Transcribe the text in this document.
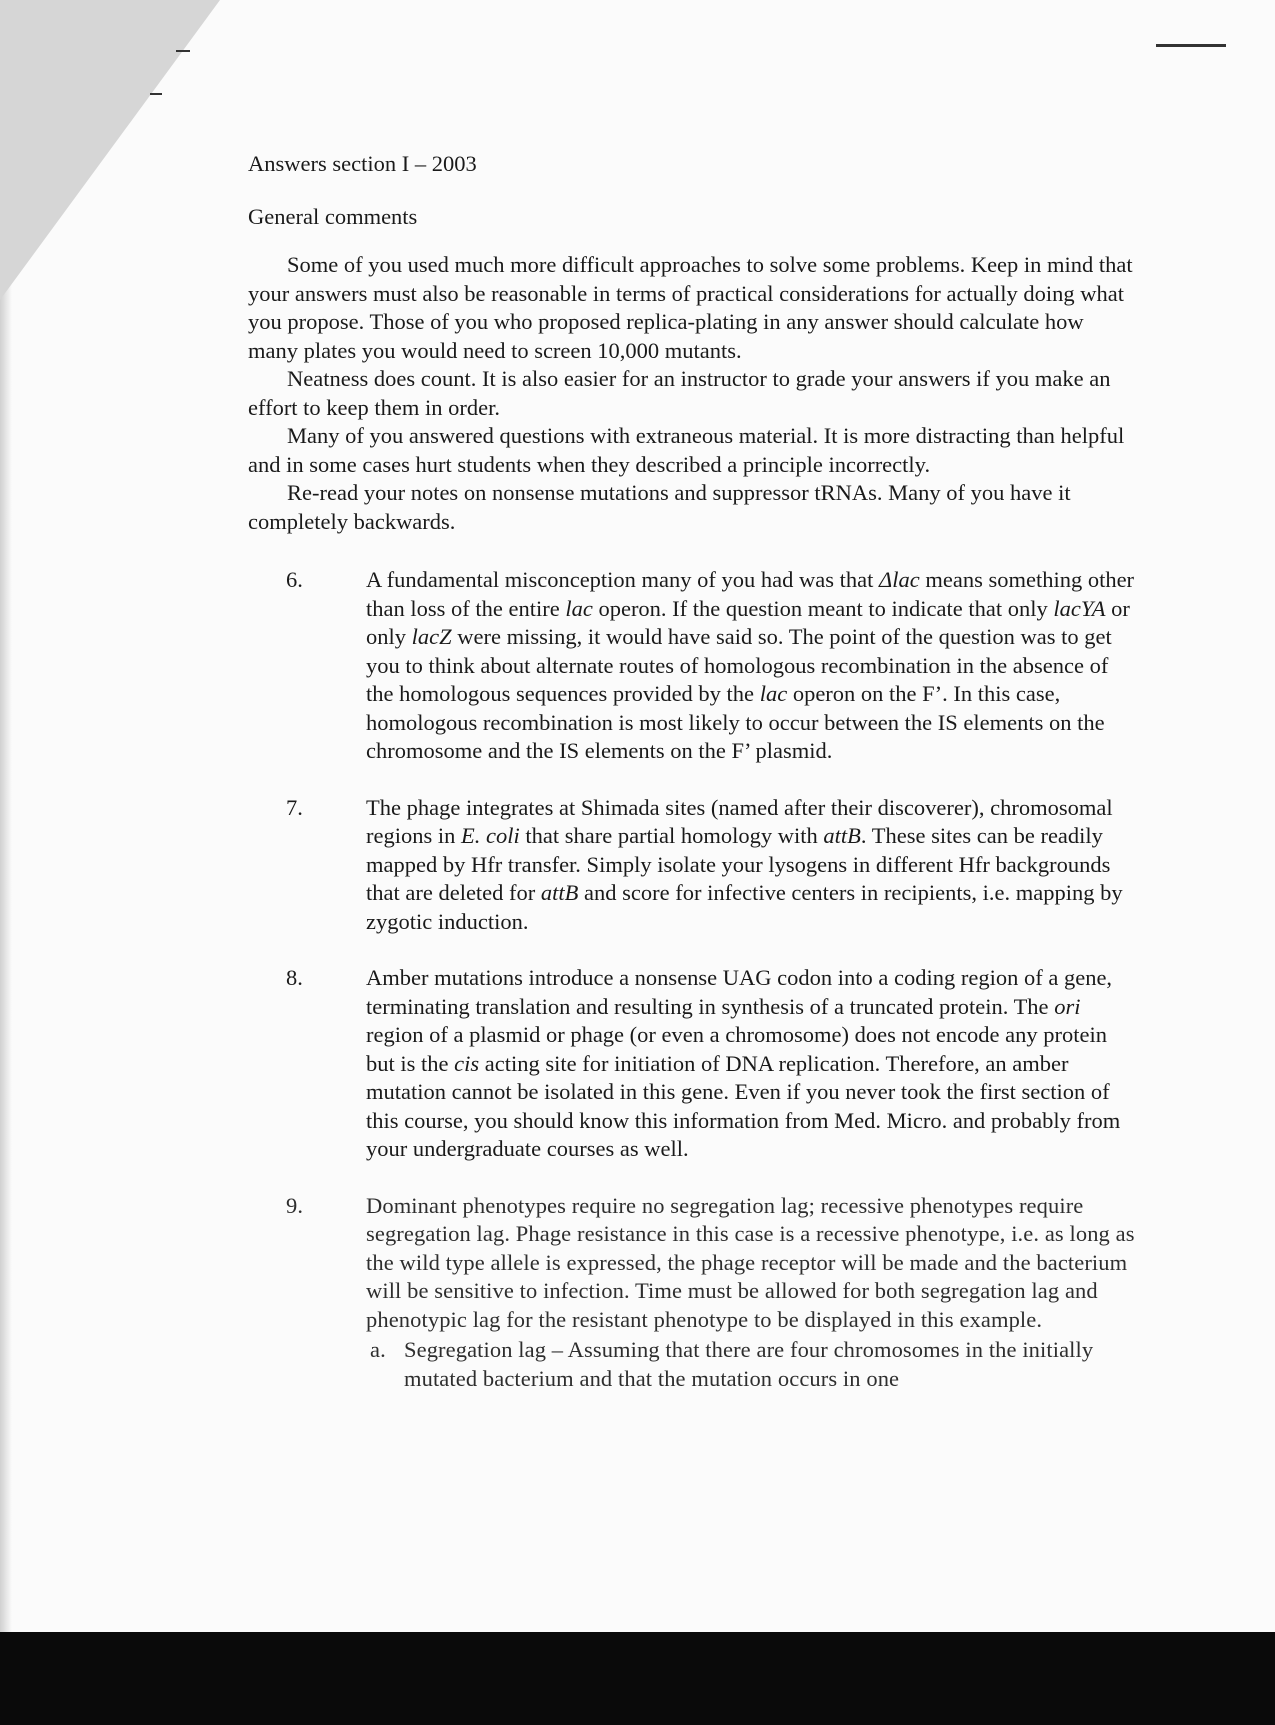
Answers section I – 2003
General comments

Some of you used much more difficult approaches to solve some problems. Keep in mind that your answers must also be reasonable in terms of practical considerations for actually doing what you propose. Those of you who proposed replica-plating in any answer should calculate how many plates you would need to screen 10,000 mutants.

Neatness does count. It is also easier for an instructor to grade your answers if you make an effort to keep them in order.

Many of you answered questions with extraneous material. It is more distracting than helpful and in some cases hurt students when they described a principle incorrectly.

Re-read your notes on nonsense mutations and suppressor tRNAs. Many of you have it completely backwards.

6.	A fundamental misconception many of you had was that Δlac means something other than loss of the entire lac operon. If the question meant to indicate that only lacYA or only lacZ were missing, it would have said so. The point of the question was to get you to think about alternate routes of homologous recombination in the absence of the homologous sequences provided by the lac operon on the F’. In this case, homologous recombination is most likely to occur between the IS elements on the chromosome and the IS elements on the F’ plasmid.
7.	The phage integrates at Shimada sites (named after their discoverer), chromosomal regions in E. coli that share partial homology with attB. These sites can be readily mapped by Hfr transfer. Simply isolate your lysogens in different Hfr backgrounds that are deleted for attB and score for infective centers in recipients, i.e. mapping by zygotic induction.
8.	Amber mutations introduce a nonsense UAG codon into a coding region of a gene, terminating translation and resulting in synthesis of a truncated protein. The ori region of a plasmid or phage (or even a chromosome) does not encode any protein but is the cis acting site for initiation of DNA replication. Therefore, an amber mutation cannot be isolated in this gene. Even if you never took the first section of this course, you should know this information from Med. Micro. and probably from your undergraduate courses as well.
9.	Dominant phenotypes require no segregation lag; recessive phenotypes require segregation lag. Phage resistance in this case is a recessive phenotype, i.e. as long as the wild type allele is expressed, the phage receptor will be made and the bacterium will be sensitive to infection. Time must be allowed for both segregation lag and phenotypic lag for the resistant phenotype to be displayed in this example.
a. Segregation lag – Assuming that there are four chromosomes in the initially mutated bacterium and that the mutation occurs in one
